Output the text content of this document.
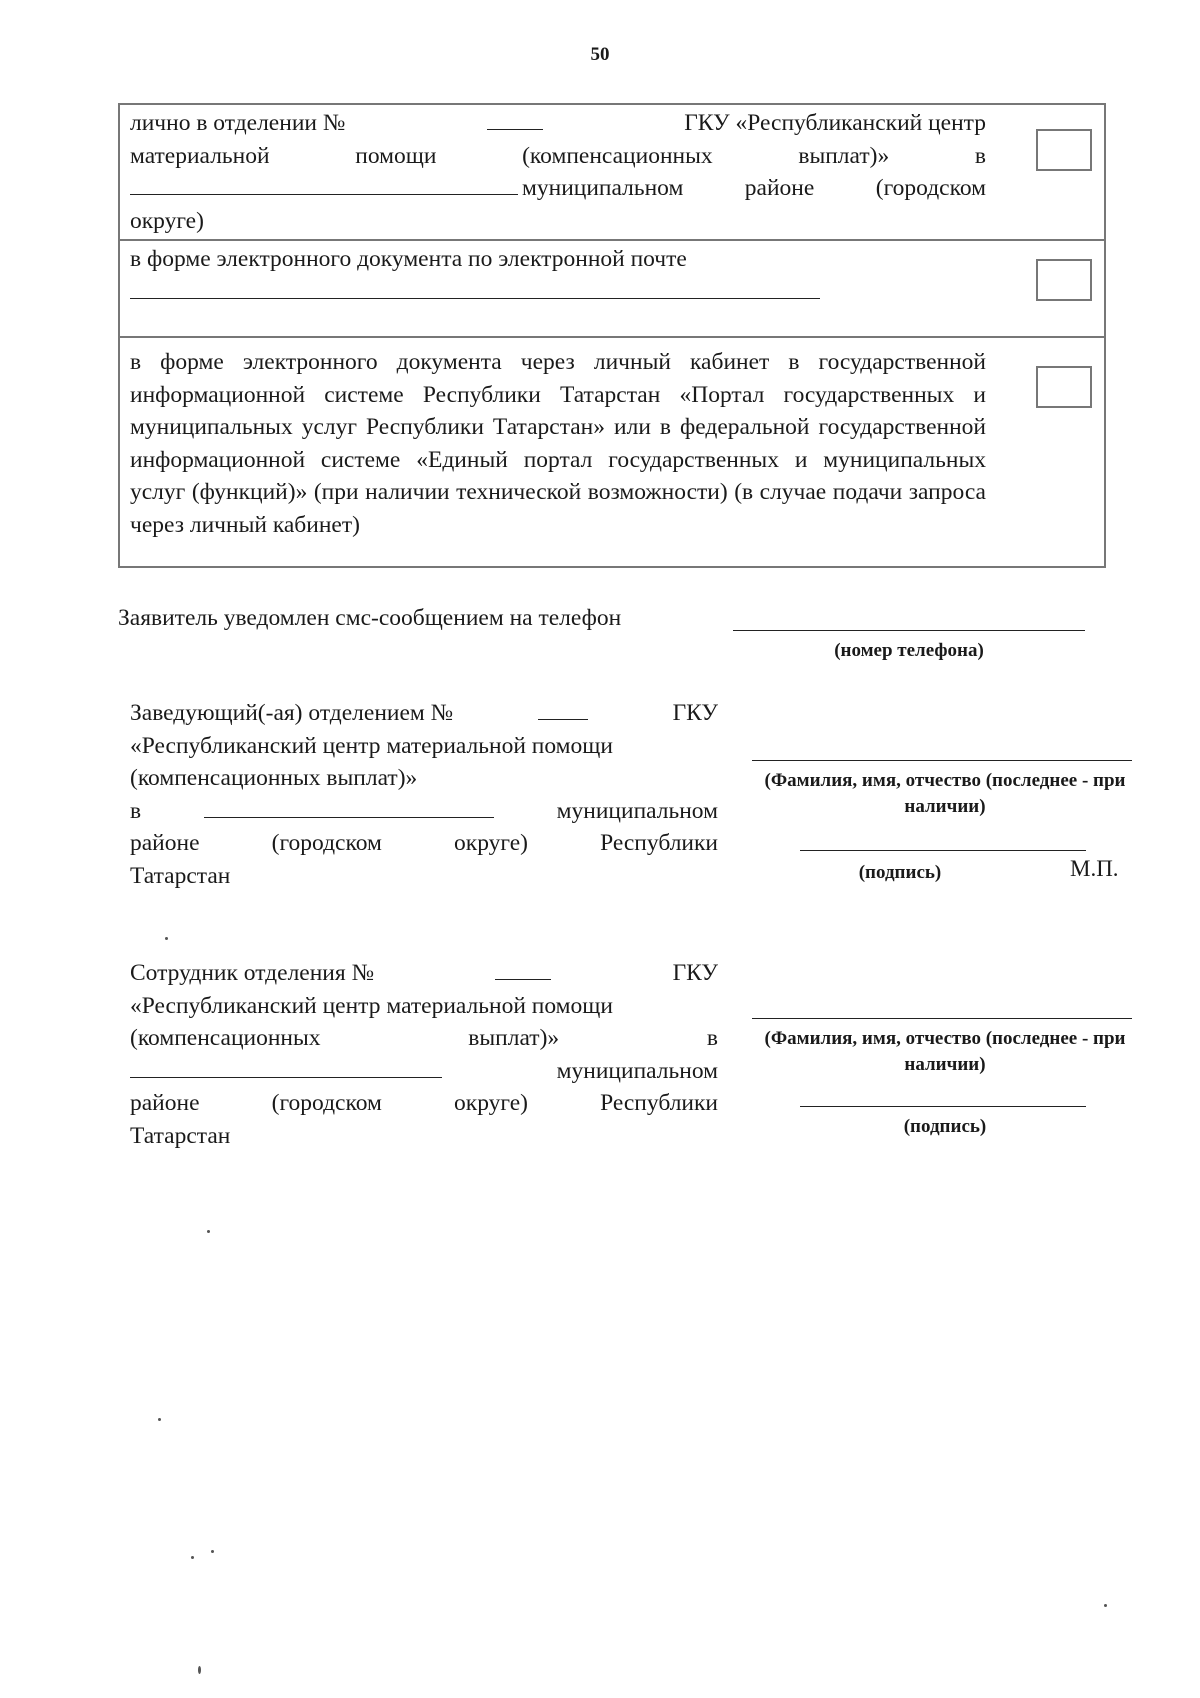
50
лично в отделении № ГКУ «Республиканский центр
материальной помощи (компенсационных выплат)» в
муниципальном районе (городском
округе)	

в форме электронного документа по электронной почте	

в форме электронного документа через личный кабинет в государственной информационной системе Республики Татарстан «Портал государственных и муниципальных услуг Республики Татарстан» или в федеральной государственной информационной системе «Единый портал государственных и муниципальных услуг (функций)» (при наличии технической возможности) (в случае подачи запроса через личный кабинет)	

Заявитель уведомлен смс-сообщением на телефон
(номер телефона)
Заведующий(-ая) отделением №	ГКУ
«Республиканский центр материальной помощи
(компенсационных выплат)»
в	муниципальном
районе (городском округе) Республики
Татарстан
(Фамилия, имя, отчество (последнее - при наличии)
(подпись)	М.П.
Сотрудник отделения №	ГКУ
«Республиканский центр материальной помощи
(компенсационных выплат)» в
муниципальном
районе (городском округе) Республики
Татарстан
(Фамилия, имя, отчество (последнее - при наличии)
(подпись)
